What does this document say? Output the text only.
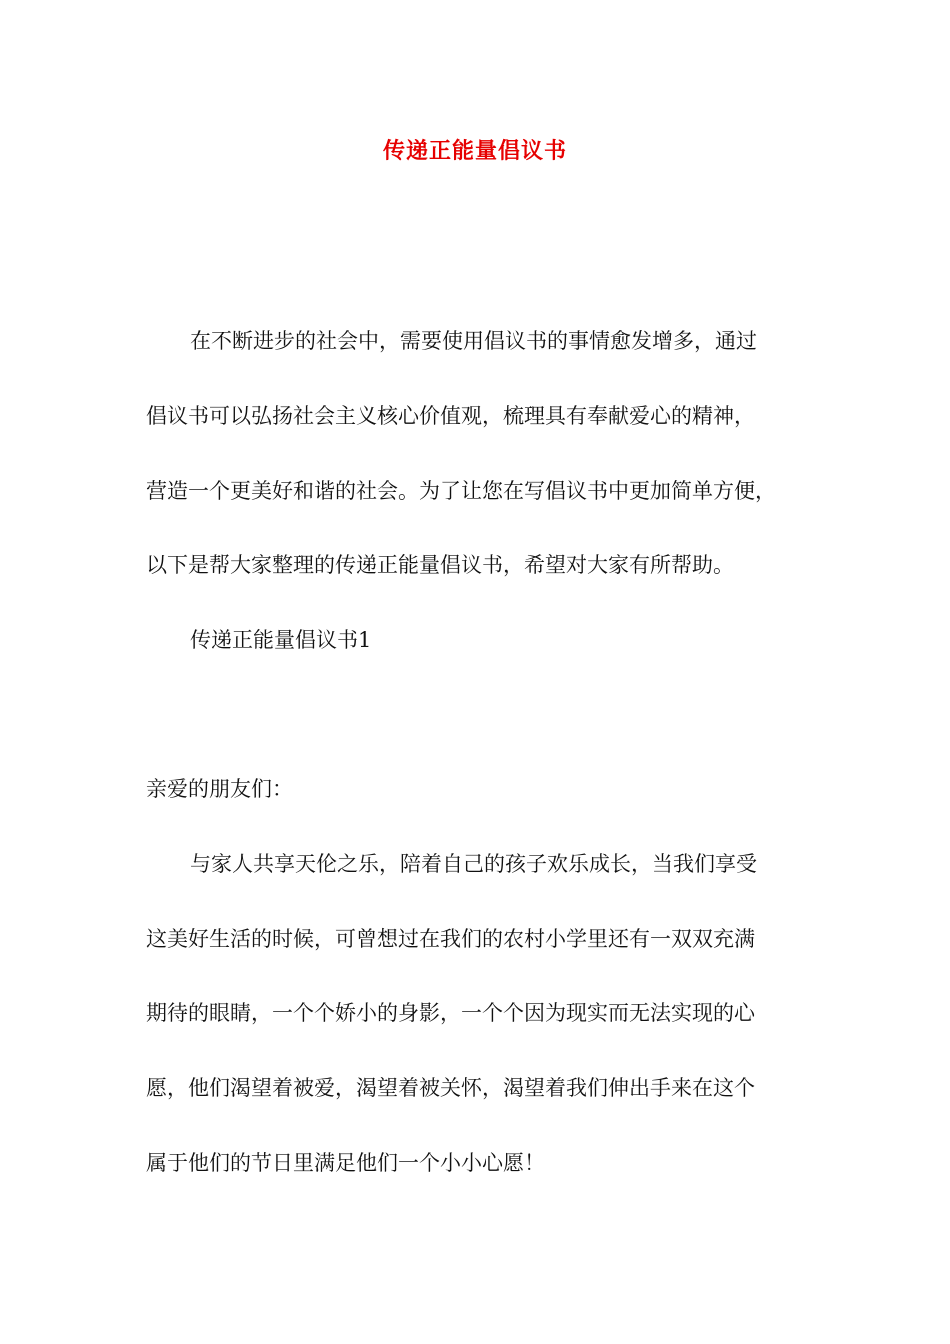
传递正能量倡议书
在不断进步的社会中，需要使用倡议书的事情愈发增多，通过
倡议书可以弘扬社会主义核心价值观，梳理具有奉献爱心的精神，
营造一个更美好和谐的社会。为了让您在写倡议书中更加简单方便，
以下是帮大家整理的传递正能量倡议书，希望对大家有所帮助。
传递正能量倡议书1
亲爱的朋友们：
与家人共享天伦之乐，陪着自己的孩子欢乐成长，当我们享受
这美好生活的时候，可曾想过在我们的农村小学里还有一双双充满
期待的眼睛，一个个娇小的身影，一个个因为现实而无法实现的心
愿，他们渴望着被爱，渴望着被关怀，渴望着我们伸出手来在这个
属于他们的节日里满足他们一个小小心愿！
